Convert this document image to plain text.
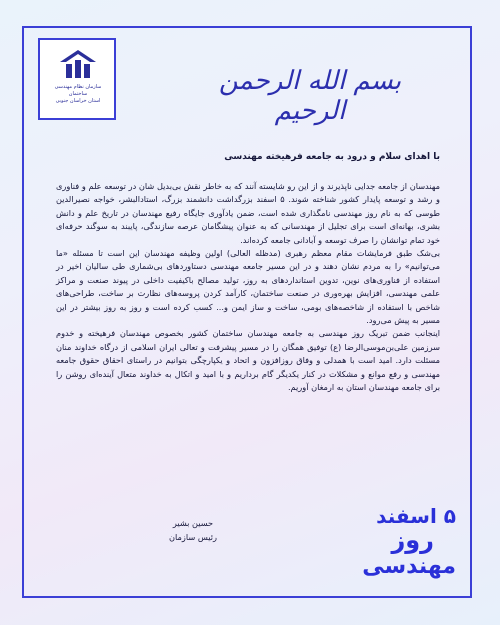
سازمان نظام مهندسی ساختمان
استان خراسان جنوبی
بسم الله الرحمن الرحیم
با اهدای سلام و درود به جامعه فرهیخته مهندسی

مهندسان از جامعه جدایی ناپذیرند و از این رو شایسته آنند که به خاطر نقش بی‌بدیل شان در توسعه علم و فناوری و رشد و توسعه پایدار کشور شناخته شوند. ۵ اسفند بزرگداشت دانشمند بزرگ، استادالبشر، خواجه نصیرالدین طوسی که به نام روز مهندسی نامگذاری شده است، ضمن یادآوری جایگاه رفیع مهندسان در تاریخ علم و دانش بشری، بهانه‌ای است برای تجلیل از مهندسانی که به عنوان پیشگامان عرصه سازندگی، پایبند به سوگند حرفه‌ای خود تمام توانشان را صرف توسعه و آبادانی جامعه کرده‌اند.

بی‌شک طبق فرمایشات مقام معظم رهبری (مدظله العالی) اولین وظیفه مهندسان این است تا مسئله «ما می‌توانیم» را به مردم نشان دهند و در این مسیر جامعه مهندسی دستاوردهای بی‌شماری طی سالیان اخیر در استفاده از فناوری‌های نوین، تدوین استانداردهای به روز، تولید مصالح باکیفیت داخلی در پیوند صنعت و مراکز علمی مهندسی، افزایش بهره‌وری در صنعت ساختمان، کارآمد کردن پروسه‌های نظارت بر ساخت، طراحی‌های شاخص با استفاده از شاخصه‌های بومی، ساخت و ساز ایمن و... کسب کرده است و روز به روز بیشتر در این مسیر به پیش می‌رود.

اینجانب ضمن تبریک روز مهندسی به جامعه مهندسان ساختمان کشور بخصوص مهندسان فرهیخته و خدوم سرزمین علی‌بن‌موسی‌الرضا (ع) توفیق همگان را در مسیر پیشرفت و تعالی ایران اسلامی از درگاه خداوند منان مسئلت دارد. امید است با همدلی و وفاق روزافزون و اتحاد و یکپارچگی بتوانیم در راستای احقاق حقوق جامعه مهندسی و رفع موانع و مشکلات در کنار یکدیگر گام برداریم و با امید و اتکال به خداوند متعال آینده‌ای روشن را برای جامعه مهندسان استان به ارمغان آوریم.

حسین بشیر
رئیس سازمان
۵ اسفند
روز
مهندسی
